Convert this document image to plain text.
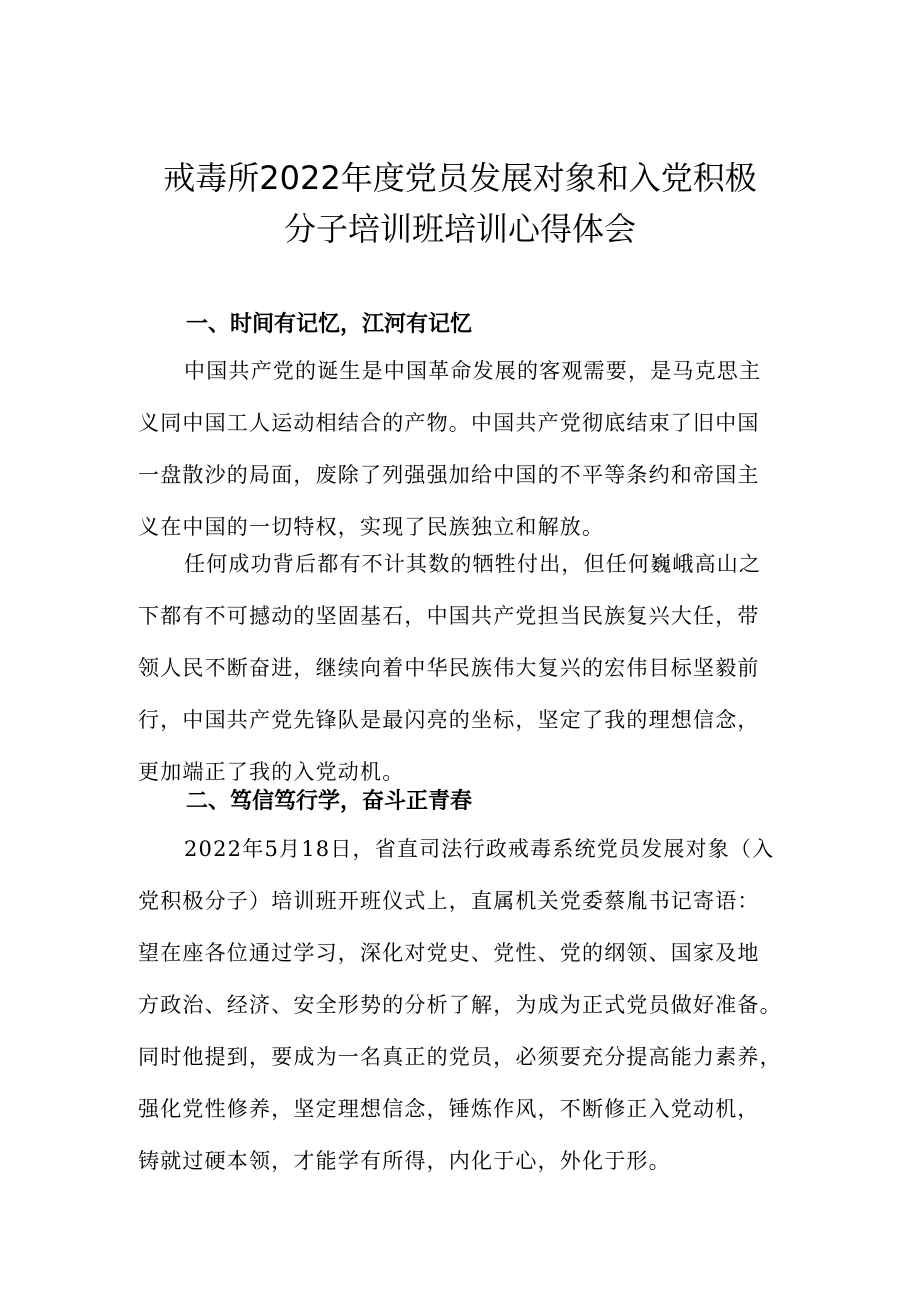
戒毒所2022年度党员发展对象和入党积极
分子培训班培训心得体会
一、时间有记忆，江河有记忆
中国共产党的诞生是中国革命发展的客观需要，是马克思主
义同中国工人运动相结合的产物。中国共产党彻底结束了旧中国
一盘散沙的局面，废除了列强强加给中国的不平等条约和帝国主
义在中国的一切特权，实现了民族独立和解放。
任何成功背后都有不计其数的牺牲付出，但任何巍峨高山之
下都有不可撼动的坚固基石，中国共产党担当民族复兴大任，带
领人民不断奋进，继续向着中华民族伟大复兴的宏伟目标坚毅前
行，中国共产党先锋队是最闪亮的坐标，坚定了我的理想信念，
更加端正了我的入党动机。
二、笃信笃行学，奋斗正青春
2022年5月18日，省直司法行政戒毒系统党员发展对象（入
党积极分子）培训班开班仪式上，直属机关党委蔡胤书记寄语：
望在座各位通过学习，深化对党史、党性、党的纲领、国家及地
方政治、经济、安全形势的分析了解，为成为正式党员做好准备。
同时他提到，要成为一名真正的党员，必须要充分提高能力素养，
强化党性修养，坚定理想信念，锤炼作风，不断修正入党动机，
铸就过硬本领，才能学有所得，内化于心，外化于形。
